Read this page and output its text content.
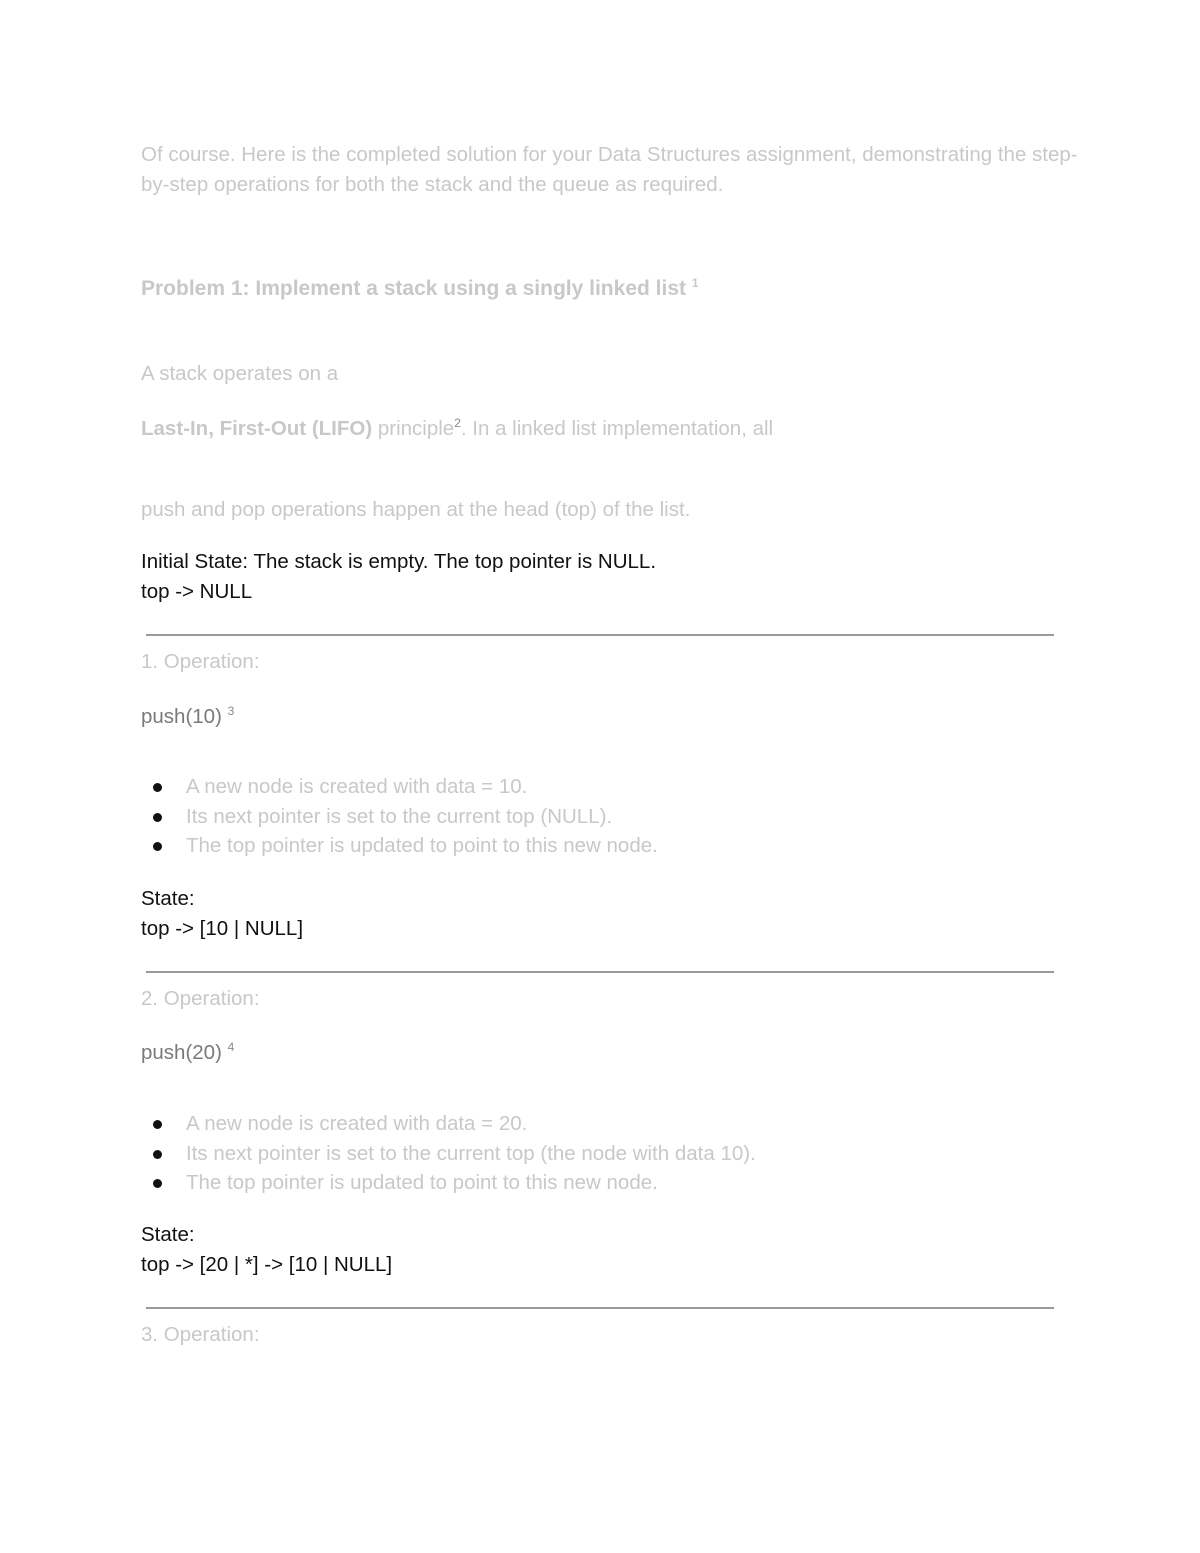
Of course. Here is the completed solution for your Data Structures assignment, demonstrating the step-by-step operations for both the stack and the queue as required.
Problem 1: Implement a stack using a singly linked list $^1$
A stack operates on a
Last-In, First-Out (LIFO) principle$^2$. In a linked list implementation, all
push and pop operations happen at the head (top) of the list.
Initial State: The stack is empty. The top pointer is NULL.
top -> NULL
1. Operation:
push(10) $^3$
A new node is created with data = 10.
Its next pointer is set to the current top (NULL).
The top pointer is updated to point to this new node.
State:
top -> [10 | NULL]
2. Operation:
push(20) $^4$
A new node is created with data = 20.
Its next pointer is set to the current top (the node with data 10).
The top pointer is updated to point to this new node.
State:
top -> [20 | *] -> [10 | NULL]
3. Operation:
